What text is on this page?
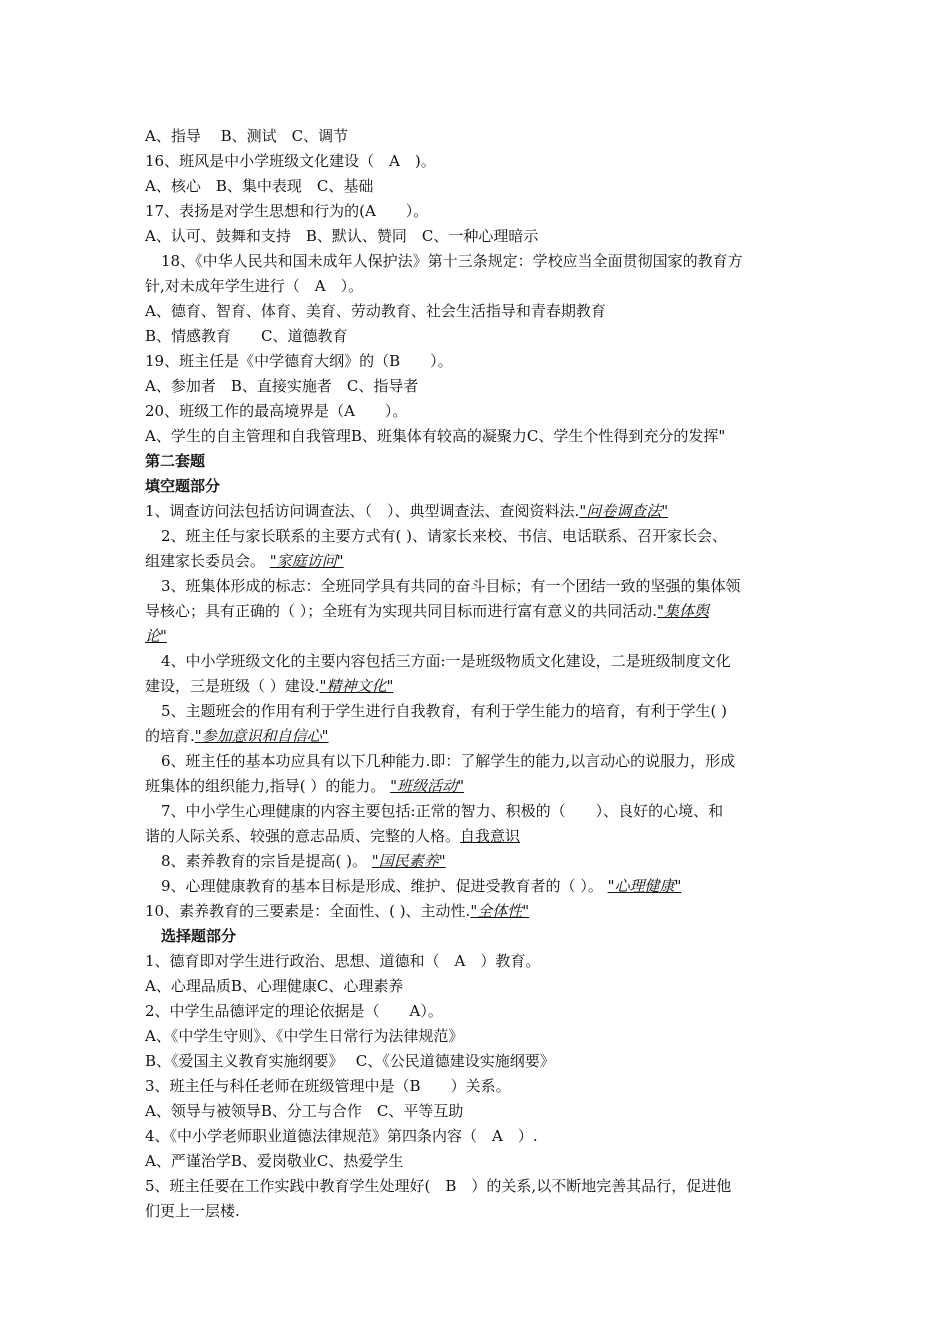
A、指导　 B、测试　C、调节
16、班风是中小学班级文化建设（　A　)。
A、核心　B、集中表现　C、基础
17、表扬是对学生思想和行为的(A　　）。
A、认可、鼓舞和支持　B、默认、赞同　C、一种心理暗示
18、《中华人民共和国未成年人保护法》第十三条规定：学校应当全面贯彻国家的教育方
针,对未成年学生进行（　A　）。
A、德育、智育、体育、美育、劳动教育、社会生活指导和青春期教育
B、情感教育　　C、道德教育
19、班主任是《中学德育大纲》的（B　　）。
A、参加者　B、直接实施者　C、指导者
20、班级工作的最高境界是（A　　）。
A、学生的自主管理和自我管理B、班集体有较高的凝聚力C、学生个性得到充分的发挥"
第二套题
填空题部分
1、调查访问法包括访问调查法、（　）、典型调查法、查阅资料法."问卷调查法"
2、班主任与家长联系的主要方式有( )、请家长来校、书信、电话联系、召开家长会、
组建家长委员会。 "家庭访问"
3、班集体形成的标志：全班同学具有共同的奋斗目标；有一个团结一致的坚强的集体领
导核心；具有正确的（ ）；全班有为实现共同目标而进行富有意义的共同活动."集体舆
论"
4、中小学班级文化的主要内容包括三方面:一是班级物质文化建设，二是班级制度文化
建设，三是班级（ ）建设."精神文化"
5、主题班会的作用有利于学生进行自我教育，有利于学生能力的培育，有利于学生( )
的培育."参加意识和自信心"
6、班主任的基本功应具有以下几种能力.即：了解学生的能力,以言动心的说服力，形成
班集体的组织能力,指导( ）的能力。 "班级活动"
7、中小学生心理健康的内容主要包括:正常的智力、积极的（　　）、良好的心境、和
谐的人际关系、较强的意志品质、完整的人格。自我意识
8、素养教育的宗旨是提高( )。 "国民素养"
9、心理健康教育的基本目标是形成、维护、促进受教育者的（ ）。 "心理健康"
10、素养教育的三要素是：全面性、( )、主动性."全体性"
选择题部分
1、德育即对学生进行政治、思想、道德和（　A　）教育。
A、心理品质B、心理健康C、心理素养
2、中学生品德评定的理论依据是（　　A）。
A、《中学生守则》、《中学生日常行为法律规范》
B、《爱国主义教育实施纲要》　 C、《公民道德建设实施纲要》
3、班主任与科任老师在班级管理中是（B　　）关系。
A、领导与被领导B、分工与合作　C、平等互助
4、《中小学老师职业道德法律规范》第四条内容（　A　）.
A、严谨治学B、爱岗敬业C、热爱学生
5、班主任要在工作实践中教育学生处理好(　B　）的关系,以不断地完善其品行，促进他
们更上一层楼.
